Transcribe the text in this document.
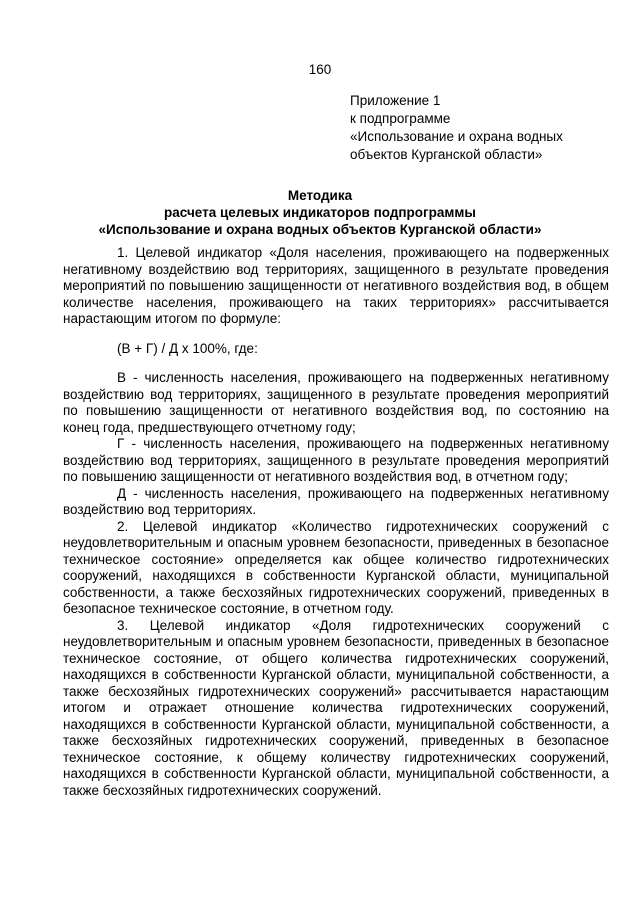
160
Приложение 1
к подпрограмме
«Использование и охрана водных
объектов Курганской области»
Методика
расчета целевых индикаторов подпрограммы
«Использование и охрана водных объектов Курганской области»

1. Целевой индикатор «Доля населения, проживающего на подверженных негативному воздействию вод территориях, защищенного в результате проведения мероприятий по повышению защищенности от негативного воздействия вод, в общем количестве населения, проживающего на таких территориях» рассчитывается нарастающим итогом по формуле:

(В + Г) / Д х 100%, где:

В - численность населения, проживающего на подверженных негативному воздействию вод территориях, защищенного в результате проведения мероприятий по повышению защищенности от негативного воздействия вод, по состоянию на конец года, предшествующего отчетному году;

Г - численность населения, проживающего на подверженных негативному воздействию вод территориях, защищенного в результате проведения мероприятий по повышению защищенности от негативного воздействия вод, в отчетном году;

Д - численность населения, проживающего на подверженных негативному воздействию вод территориях.

2. Целевой индикатор «Количество гидротехнических сооружений с неудовлетворительным и опасным уровнем безопасности, приведенных в безопасное техническое состояние» определяется как общее количество гидротехнических сооружений, находящихся в собственности Курганской области, муниципальной собственности, а также бесхозяйных гидротехнических сооружений, приведенных в безопасное техническое состояние, в отчетном году.

3. Целевой индикатор «Доля гидротехнических сооружений с неудовлетворительным и опасным уровнем безопасности, приведенных в безопасное техническое состояние, от общего количества гидротехнических сооружений, находящихся в собственности Курганской области, муниципальной собственности, а также бесхозяйных гидротехнических сооружений» рассчитывается нарастающим итогом и отражает отношение количества гидротехнических сооружений, находящихся в собственности Курганской области, муниципальной собственности, а также бесхозяйных гидротехнических сооружений, приведенных в безопасное техническое состояние, к общему количеству гидротехнических сооружений, находящихся в собственности Курганской области, муниципальной собственности, а также бесхозяйных гидротехнических сооружений.
